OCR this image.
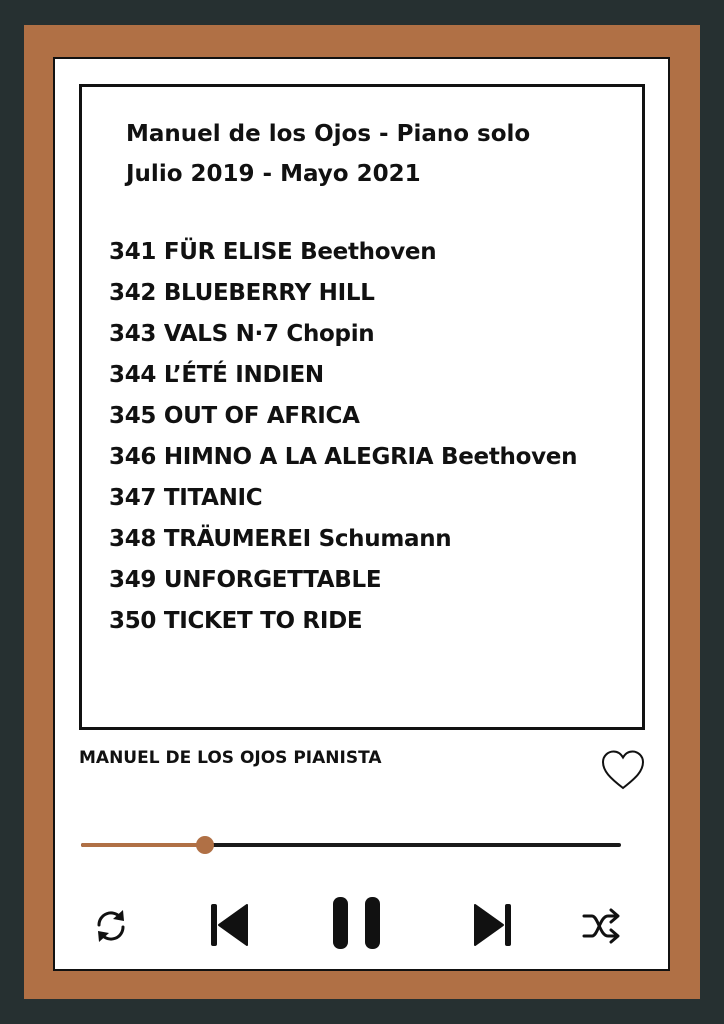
Manuel de los Ojos - Piano solo
Julio 2019 - Mayo 2021
341 FÜR ELISE Beethoven
342 BLUEBERRY HILL
343 VALS N·7 Chopin
344 L’ÉTÉ INDIEN
345 OUT OF AFRICA
346 HIMNO A LA ALEGRIA Beethoven
347 TITANIC
348 TRÄUMEREI Schumann
349 UNFORGETTABLE
350 TICKET TO RIDE
MANUEL DE LOS OJOS PIANISTA
